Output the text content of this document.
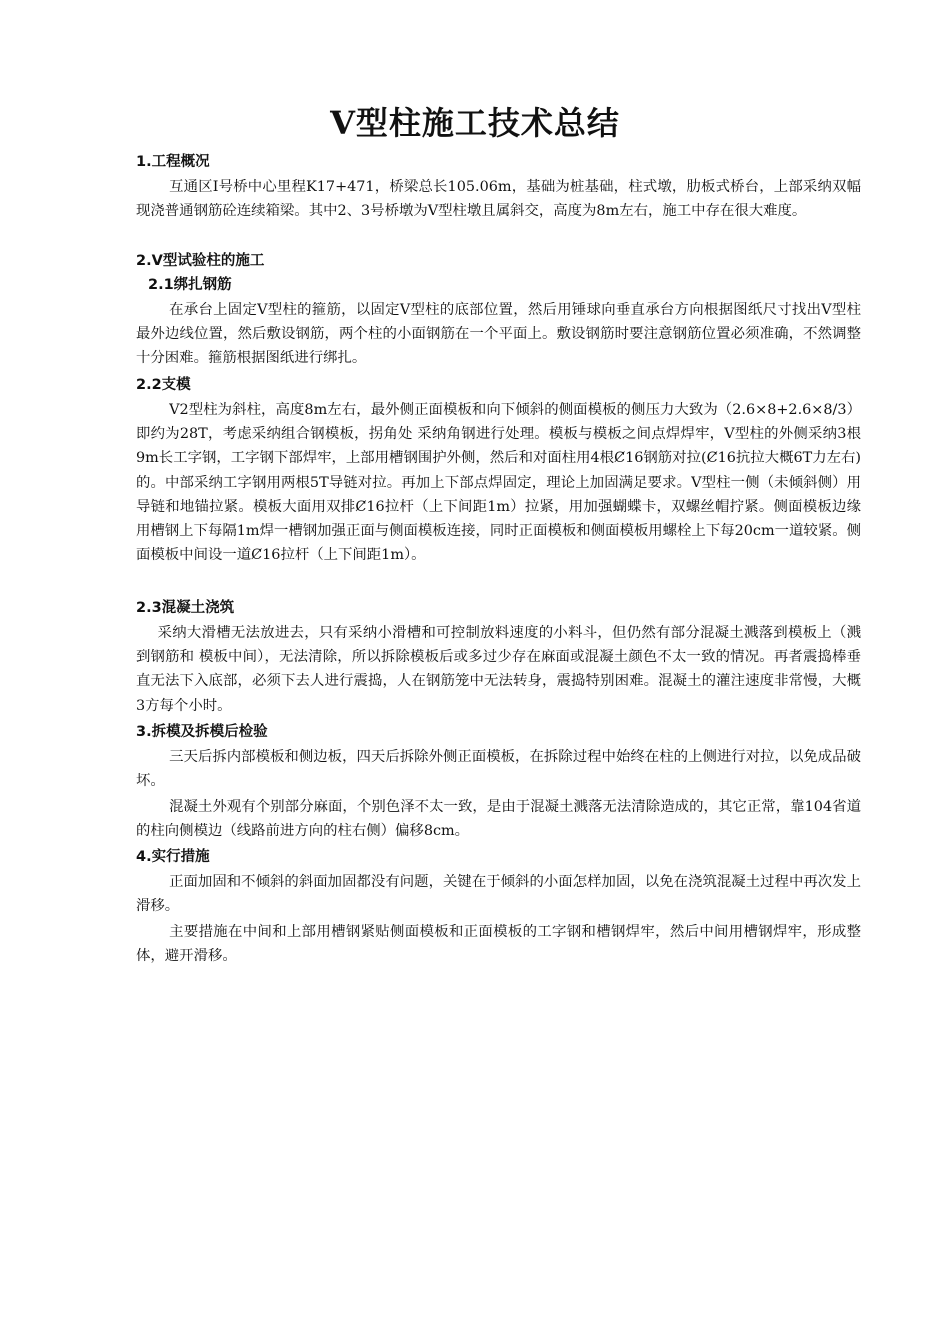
V型柱施工技术总结
1.工程概况

互通区Ⅰ号桥中心里程K17+471，桥梁总长105.06m，基础为桩基础，柱式墩，肋板式桥台，上部采纳双幅现浇普通钢筋砼连续箱梁。其中2、3号桥墩为V型柱墩且属斜交，高度为8m左右，施工中存在很大难度。

2.V型试验柱的施工
2.1绑扎钢筋

在承台上固定V型柱的箍筋，以固定V型柱的底部位置，然后用锤球向垂直承台方向根据图纸尺寸找出V型柱最外边线位置，然后敷设钢筋，两个柱的小面钢筋在一个平面上。敷设钢筋时要注意钢筋位置必须准确，不然调整十分困难。箍筋根据图纸进行绑扎。

2.2支模

V2型柱为斜柱，高度8m左右，最外侧正面模板和向下倾斜的侧面模板的侧压力大致为（2.6×8+2.6×8/3）即约为28T，考虑采纳组合钢模板，拐角处 采纳角钢进行处理。模板与模板之间点焊焊牢，V型柱的外侧采纳3根9m长工字钢，工字钢下部焊牢，上部用槽钢围护外侧，然后和对面柱用4根Ȼ16钢筋对拉(Ȼ16抗拉大概6T力左右)的。中部采纳工字钢用两根5T导链对拉。再加上下部点焊固定，理论上加固满足要求。V型柱一侧（未倾斜侧）用导链和地锚拉紧。模板大面用双排Ȼ16拉杆（上下间距1m）拉紧，用加强蝴蝶卡，双螺丝帽拧紧。侧面模板边缘用槽钢上下每隔1m焊一槽钢加强正面与侧面模板连接，同时正面模板和侧面模板用螺栓上下每20cm一道较紧。侧面模板中间设一道Ȼ16拉杆（上下间距1m）。

2.3混凝土浇筑

采纳大滑槽无法放进去，只有采纳小滑槽和可控制放料速度的小料斗，但仍然有部分混凝土溅落到模板上（溅到钢筋和 模板中间），无法清除，所以拆除模板后或多过少存在麻面或混凝土颜色不太一致的情况。再者震捣棒垂直无法下入底部，必须下去人进行震捣，人在钢筋笼中无法转身，震捣特别困难。混凝土的灌注速度非常慢，大概3方每个小时。

3.拆模及拆模后检验

三天后拆内部模板和侧边板，四天后拆除外侧正面模板，在拆除过程中始终在柱的上侧进行对拉，以免成品破坏。

混凝土外观有个别部分麻面，个别色泽不太一致，是由于混凝土溅落无法清除造成的，其它正常，靠104省道的柱向侧模边（线路前进方向的柱右侧）偏移8cm。

4.实行措施

正面加固和不倾斜的斜面加固都没有问题，关键在于倾斜的小面怎样加固，以免在浇筑混凝土过程中再次发上滑移。

主要措施在中间和上部用槽钢紧贴侧面模板和正面模板的工字钢和槽钢焊牢，然后中间用槽钢焊牢，形成整体，避开滑移。
